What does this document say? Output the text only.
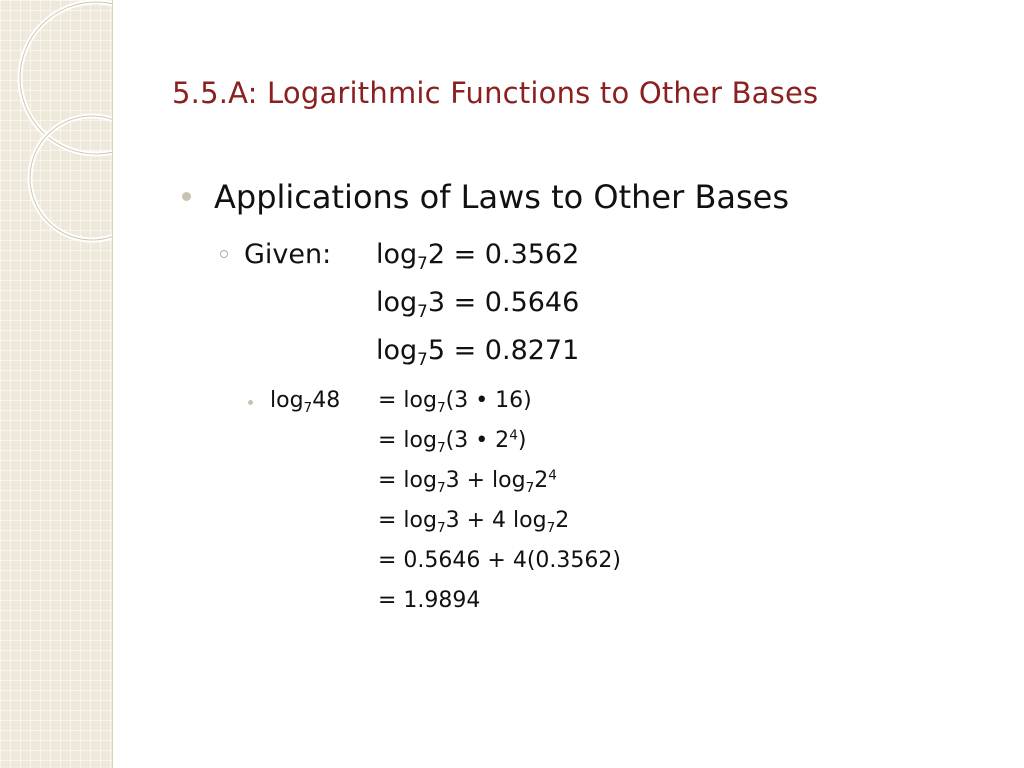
5.5.A: Logarithmic Functions to Other Bases
Applications of Laws to Other Bases
Given: $\log_72 = 0.3562$
$\log_73 = 0.5646$
$\log_75 = 0.8271$
$\log_748 = \log_7(3$ • 16)
= $\log_7(3$ • $2^4$)
= $\log_73 + \log_72^4$
= $\log_73 + 4$ $\log_72$
= 0.5646 + 4(0.3562)
= 1.9894
